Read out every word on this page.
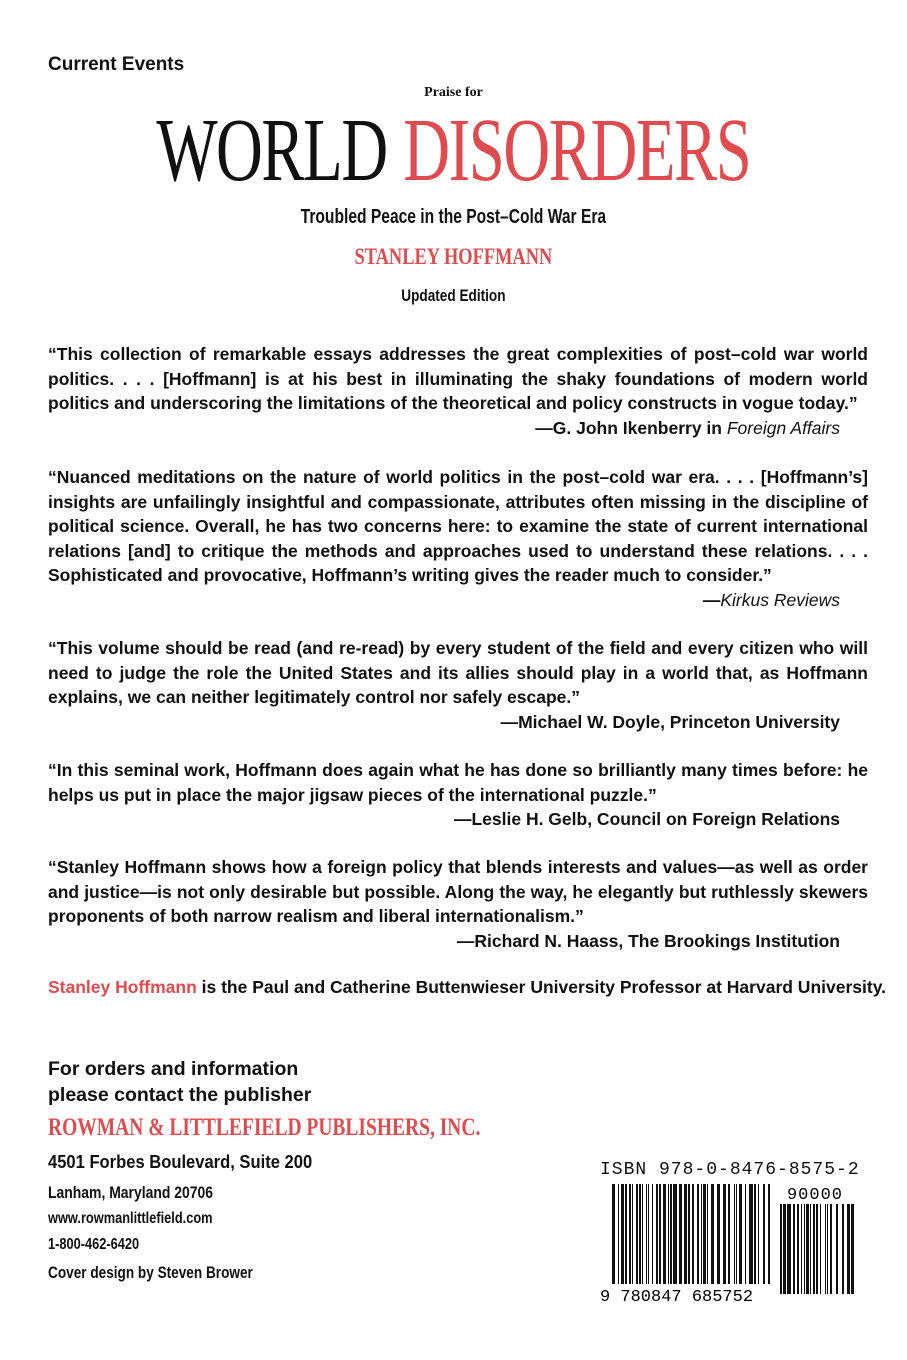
Current Events
Praise for
WORLD DISORDERS
Troubled Peace in the Post–Cold War Era
STANLEY HOFFMANN
Updated Edition
“This collection of remarkable essays addresses the great complexities of post–cold war world politics. . . . [Hoffmann] is at his best in illuminating the shaky foundations of modern world politics and underscoring the limitations of the theoretical and policy constructs in vogue today.”
—G. John Ikenberry in Foreign Affairs
“Nuanced meditations on the nature of world politics in the post–cold war era. . . . [Hoffmann’s] insights are unfailingly insightful and compassionate, attributes often missing in the discipline of political science. Overall, he has two concerns here: to examine the state of current international relations [and] to critique the methods and approaches used to understand these relations. . . . Sophisticated and provocative, Hoffmann’s writing gives the reader much to consider.”
—Kirkus Reviews
“This volume should be read (and re-read) by every student of the field and every citizen who will need to judge the role the United States and its allies should play in a world that, as Hoffmann explains, we can neither legitimately control nor safely escape.”
—Michael W. Doyle, Princeton University
“In this seminal work, Hoffmann does again what he has done so brilliantly many times before: he helps us put in place the major jigsaw pieces of the international puzzle.”
—Leslie H. Gelb, Council on Foreign Relations
“Stanley Hoffmann shows how a foreign policy that blends interests and values—as well as order and justice—is not only desirable but possible. Along the way, he elegantly but ruthlessly skewers proponents of both narrow realism and liberal internationalism.”
—Richard N. Haass, The Brookings Institution
Stanley Hoffmann is the Paul and Catherine Buttenwieser University Professor at Harvard University.
For orders and information
please contact the publisher
ROWMAN & LITTLEFIELD PUBLISHERS, INC.
4501 Forbes Boulevard, Suite 200
Lanham, Maryland 20706
www.rowmanlittlefield.com
1-800-462-6420
Cover design by Steven Brower
ISBN 978-0-8476-8575-2
90000
9 780847 685752
